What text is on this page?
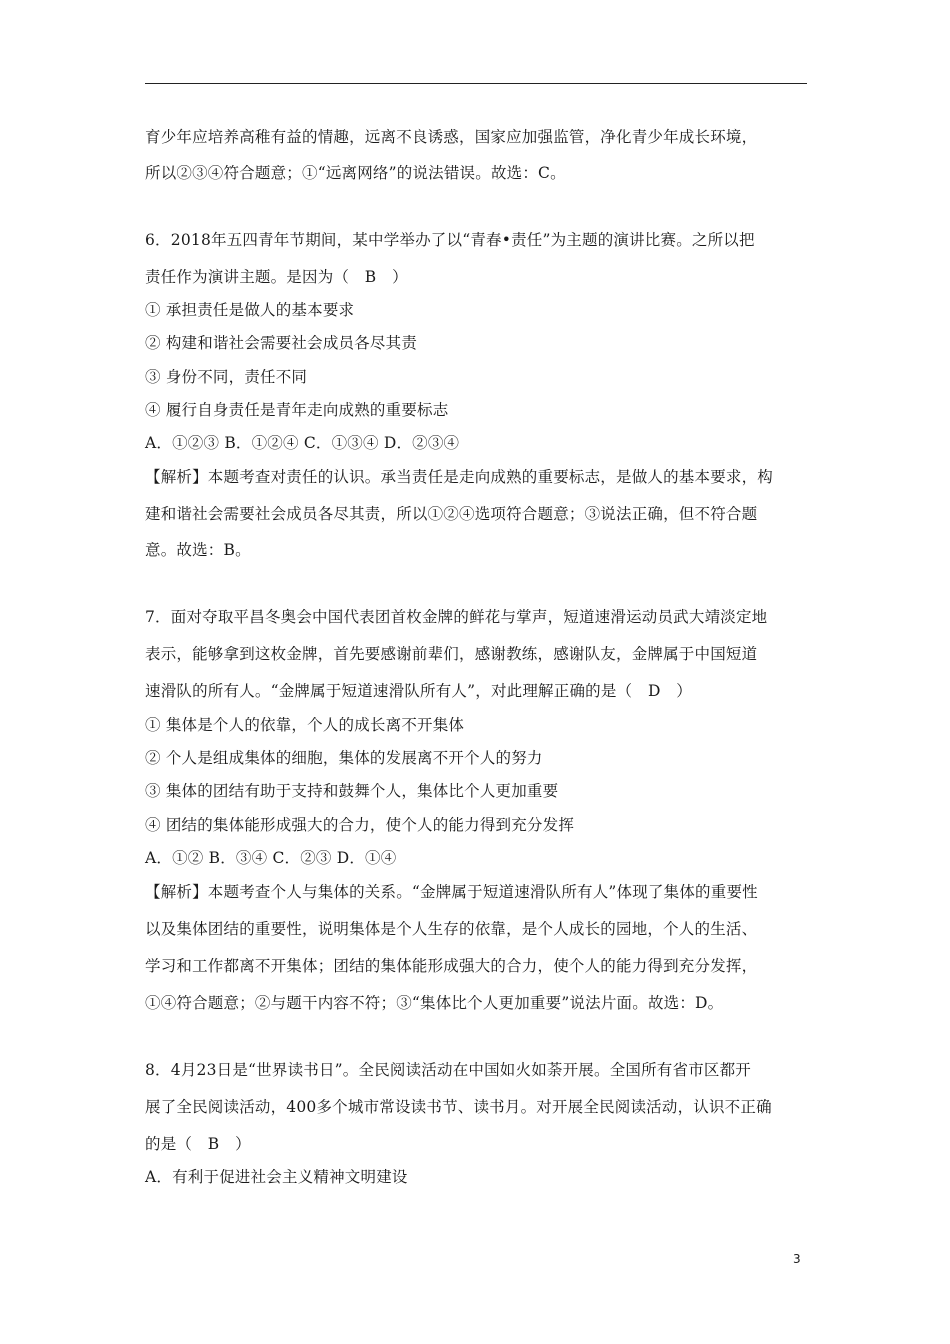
育少年应培养高稚有益的情趣，远离不良诱惑，国家应加强监管，净化青少年成长环境，
所以②③④符合题意；①“远离网络”的说法错误。故选：C。
6．2018年五四青年节期间，某中学举办了以“青春•责任”为主题的演讲比赛。之所以把
责任作为演讲主题。是因为（　B　）
① 承担责任是做人的基本要求
② 构建和谐社会需要社会成员各尽其责
③ 身份不同，责任不同
④ 履行自身责任是青年走向成熟的重要标志
A．①②③ B．①②④ C．①③④ D．②③④
【解析】本题考查对责任的认识。承当责任是走向成熟的重要标志，是做人的基本要求，构
建和谐社会需要社会成员各尽其责，所以①②④选项符合题意；③说法正确，但不符合题
意。故选：B。
7．面对夺取平昌冬奥会中国代表团首枚金牌的鲜花与掌声，短道速滑运动员武大靖淡定地
表示，能够拿到这枚金牌，首先要感谢前辈们，感谢教练，感谢队友，金牌属于中国短道
速滑队的所有人。“金牌属于短道速滑队所有人”，对此理解正确的是（　D　）
① 集体是个人的依靠，个人的成长离不开集体
② 个人是组成集体的细胞，集体的发展离不开个人的努力
③ 集体的团结有助于支持和鼓舞个人，集体比个人更加重要
④ 团结的集体能形成强大的合力，使个人的能力得到充分发挥
A．①② B．③④ C．②③ D．①④
【解析】本题考查个人与集体的关系。“金牌属于短道速滑队所有人”体现了集体的重要性
以及集体团结的重要性，说明集体是个人生存的依靠，是个人成长的园地，个人的生活、
学习和工作都离不开集体；团结的集体能形成强大的合力，使个人的能力得到充分发挥，
①④符合题意；②与题干内容不符；③“集体比个人更加重要”说法片面。故选：D。
8．4月23日是“世界读书日”。全民阅读活动在中国如火如荼开展。全国所有省市区都开
展了全民阅读活动，400多个城市常设读书节、读书月。对开展全民阅读活动，认识不正确
的是（　B　）
A．有利于促进社会主义精神文明建设
3
